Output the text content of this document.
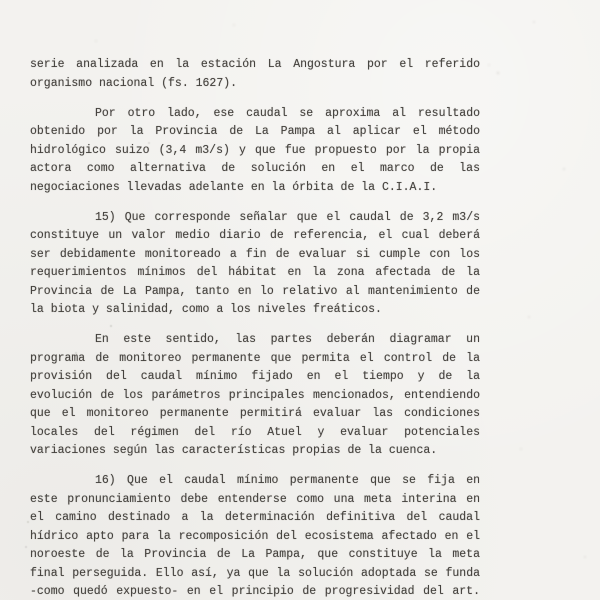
serie analizada en la estación La Angostura por el referido
organismo nacional (fs. 1627).

Por otro lado, ese caudal se aproxima al resultado
obtenido por la Provincia de La Pampa al aplicar el método
hidrológico suizo (3,4 m3/s) y que fue propuesto por la propia
actora como alternativa de solución en el marco de las
negociaciones llevadas adelante en la órbita de la C.I.A.I.

15) Que corresponde señalar que el caudal de 3,2 m3/s
constituye un valor medio diario de referencia, el cual deberá
ser debidamente monitoreado a fin de evaluar si cumple con los
requerimientos mínimos del hábitat en la zona afectada de la
Provincia de La Pampa, tanto en lo relativo al mantenimiento de
la biota y salinidad, como a los niveles freáticos.

En este sentido, las partes deberán diagramar un
programa de monitoreo permanente que permita el control de la
provisión del caudal mínimo fijado en el tiempo y de la
evolución de los parámetros principales mencionados, entendiendo
que el monitoreo permanente permitirá evaluar las condiciones
locales del régimen del río Atuel y evaluar potenciales
variaciones según las características propias de la cuenca.

16) Que el caudal mínimo permanente que se fija en
este pronunciamiento debe entenderse como una meta interina en
el camino destinado a la determinación definitiva del caudal
hídrico apto para la recomposición del ecosistema afectado en el
noroeste de la Provincia de La Pampa, que constituye la meta
final perseguida. Ello así, ya que la solución adoptada se funda
-como quedó expuesto- en el principio de progresividad del art.
